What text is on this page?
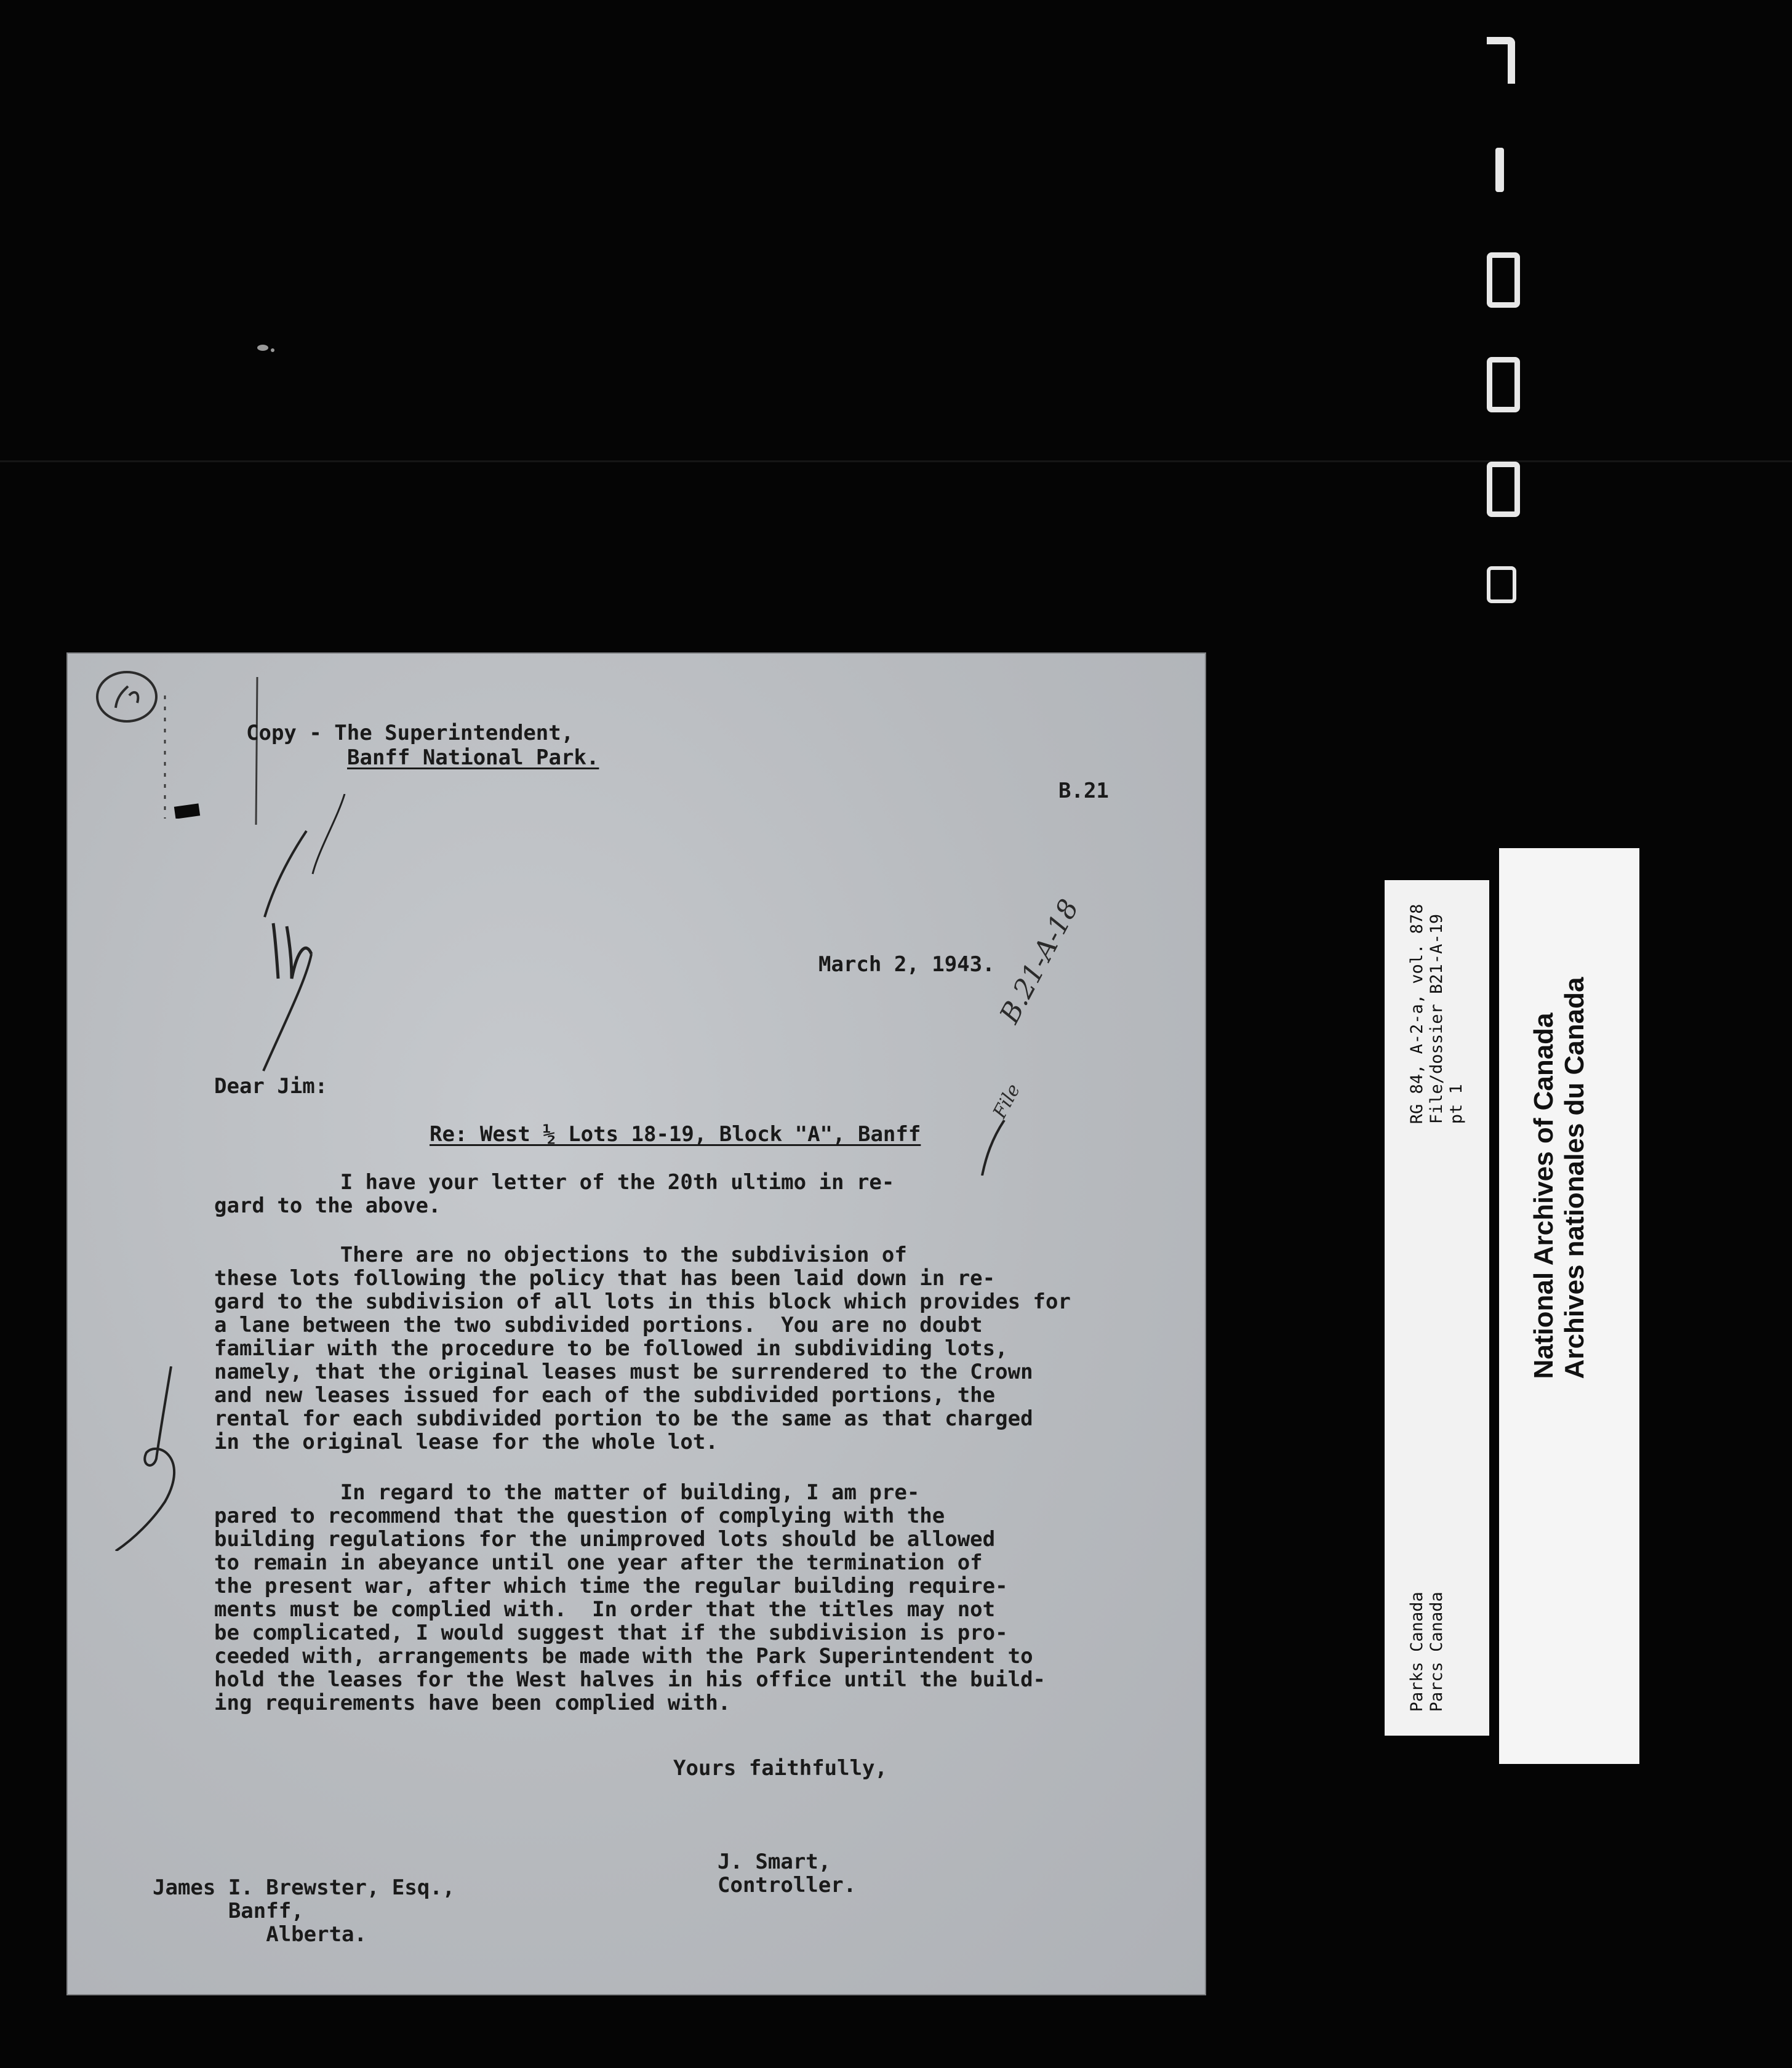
Copy - The Superintendent,

Banff National Park.

B.21

March 2, 1943.

B.21-A-18
File

Dear Jim:

Re: West ½ Lots 18-19, Block "A", Banff

I have your letter of the 20th ultimo in re-

gard to the above.

There are no objections to the subdivision of

these lots following the policy that has been laid down in re-

gard to the subdivision of all lots in this block which provides for

a lane between the two subdivided portions.  You are no doubt

familiar with the procedure to be followed in subdividing lots,

namely, that the original leases must be surrendered to the Crown

and new leases issued for each of the subdivided portions, the

rental for each subdivided portion to be the same as that charged

in the original lease for the whole lot.

In regard to the matter of building, I am pre-

pared to recommend that the question of complying with the

building regulations for the unimproved lots should be allowed

to remain in abeyance until one year after the termination of

the present war, after which time the regular building require-

ments must be complied with.  In order that the titles may not

be complicated, I would suggest that if the subdivision is pro-

ceeded with, arrangements be made with the Park Superintendent to

hold the leases for the West halves in his office until the build-

ing requirements have been complied with.

Yours faithfully,

J. Smart,

Controller.

James I. Brewster, Esq.,

Banff,

Alberta.

Parks Canada Parcs Canada
RG 84, A-2-a, vol. 878 File/dossier B21-A-19 pt 1 National Archives of Canada Archives nationales du Canada
